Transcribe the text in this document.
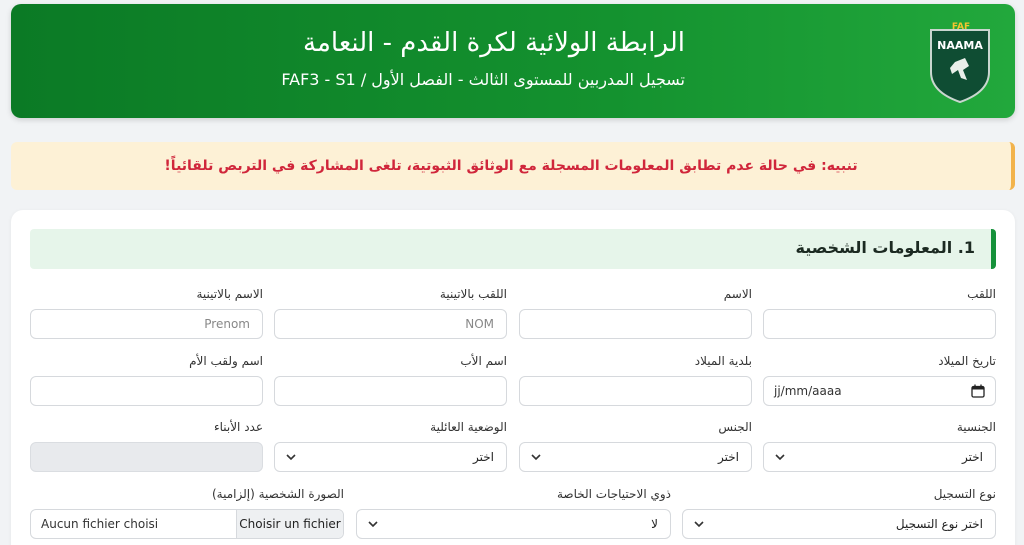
FAF
NAAMA
الرابطة الولائية لكرة القدم - النعامة
تسجيل المدربين للمستوى الثالث - الفصل الأول / FAF3 - S1
تنبيه: في حالة عدم تطابق المعلومات المسجلة مع الوثائق الثبوتية، تلغى المشاركة في التربص تلقائياً!
1. المعلومات الشخصية
اللقب
الاسم
اللقب بالاتينية
NOM
الاسم بالاتينية
Prenom
تاريخ الميلاد
jj/mm/aaaa
بلدية الميلاد
اسم الأب
اسم ولقب الأم
الجنسية
اختر
الجنس
اختر
الوضعية العائلية
اختر
عدد الأبناء
نوع التسجيل
اختر نوع التسجيل
ذوي الاحتياجات الخاصة
لا
الصورة الشخصية (إلزامية)
Aucun fichier choisi	Choisir un fichier
